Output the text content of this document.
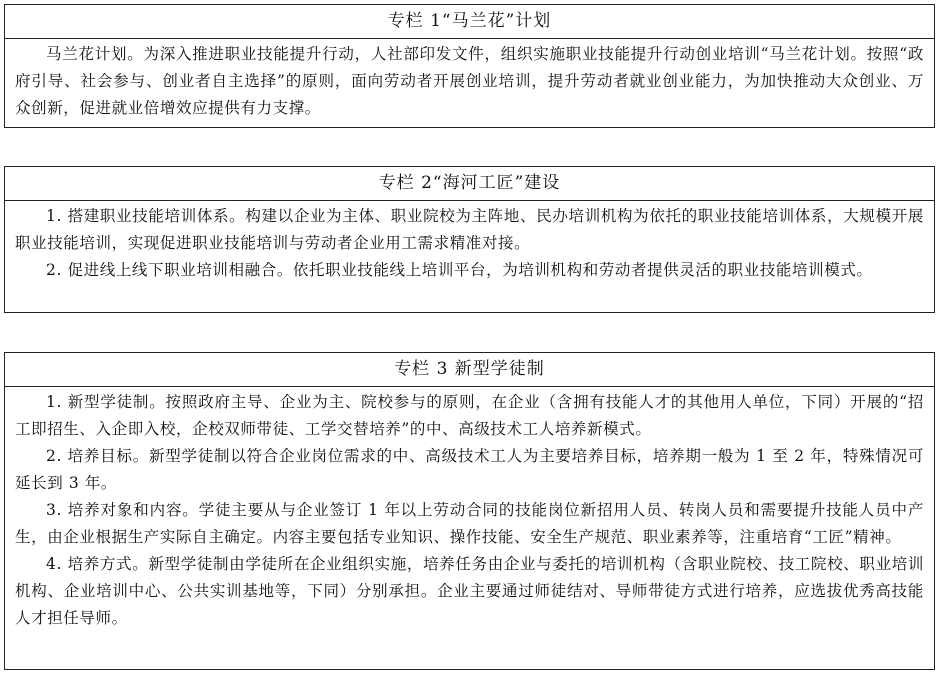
专栏 1“马兰花”计划

马兰花计划。为深入推进职业技能提升行动，人社部印发文件，组织实施职业技能提升行动创业培训“马兰花计划。按照“政府引导、社会参与、创业者自主选择”的原则，面向劳动者开展创业培训，提升劳动者就业创业能力，为加快推动大众创业、万众创新，促进就业倍增效应提供有力支撑。

专栏 2“海河工匠”建设

1. 搭建职业技能培训体系。构建以企业为主体、职业院校为主阵地、民办培训机构为依托的职业技能培训体系，大规模开展职业技能培训，实现促进职业技能培训与劳动者企业用工需求精准对接。

2. 促进线上线下职业培训相融合。依托职业技能线上培训平台，为培训机构和劳动者提供灵活的职业技能培训模式。

专栏 3 新型学徒制

1. 新型学徒制。按照政府主导、企业为主、院校参与的原则，在企业（含拥有技能人才的其他用人单位，下同）开展的“招工即招生、入企即入校，企校双师带徒、工学交替培养”的中、高级技术工人培养新模式。

2. 培养目标。新型学徒制以符合企业岗位需求的中、高级技术工人为主要培养目标，培养期一般为 1 至 2 年，特殊情况可延长到 3 年。

3. 培养对象和内容。学徒主要从与企业签订 1 年以上劳动合同的技能岗位新招用人员、转岗人员和需要提升技能人员中产生，由企业根据生产实际自主确定。内容主要包括专业知识、操作技能、安全生产规范、职业素养等，注重培育“工匠”精神。

4. 培养方式。新型学徒制由学徒所在企业组织实施，培养任务由企业与委托的培训机构（含职业院校、技工院校、职业培训机构、企业培训中心、公共实训基地等，下同）分别承担。企业主要通过师徒结对、导师带徒方式进行培养，应选拔优秀高技能人才担任导师。
